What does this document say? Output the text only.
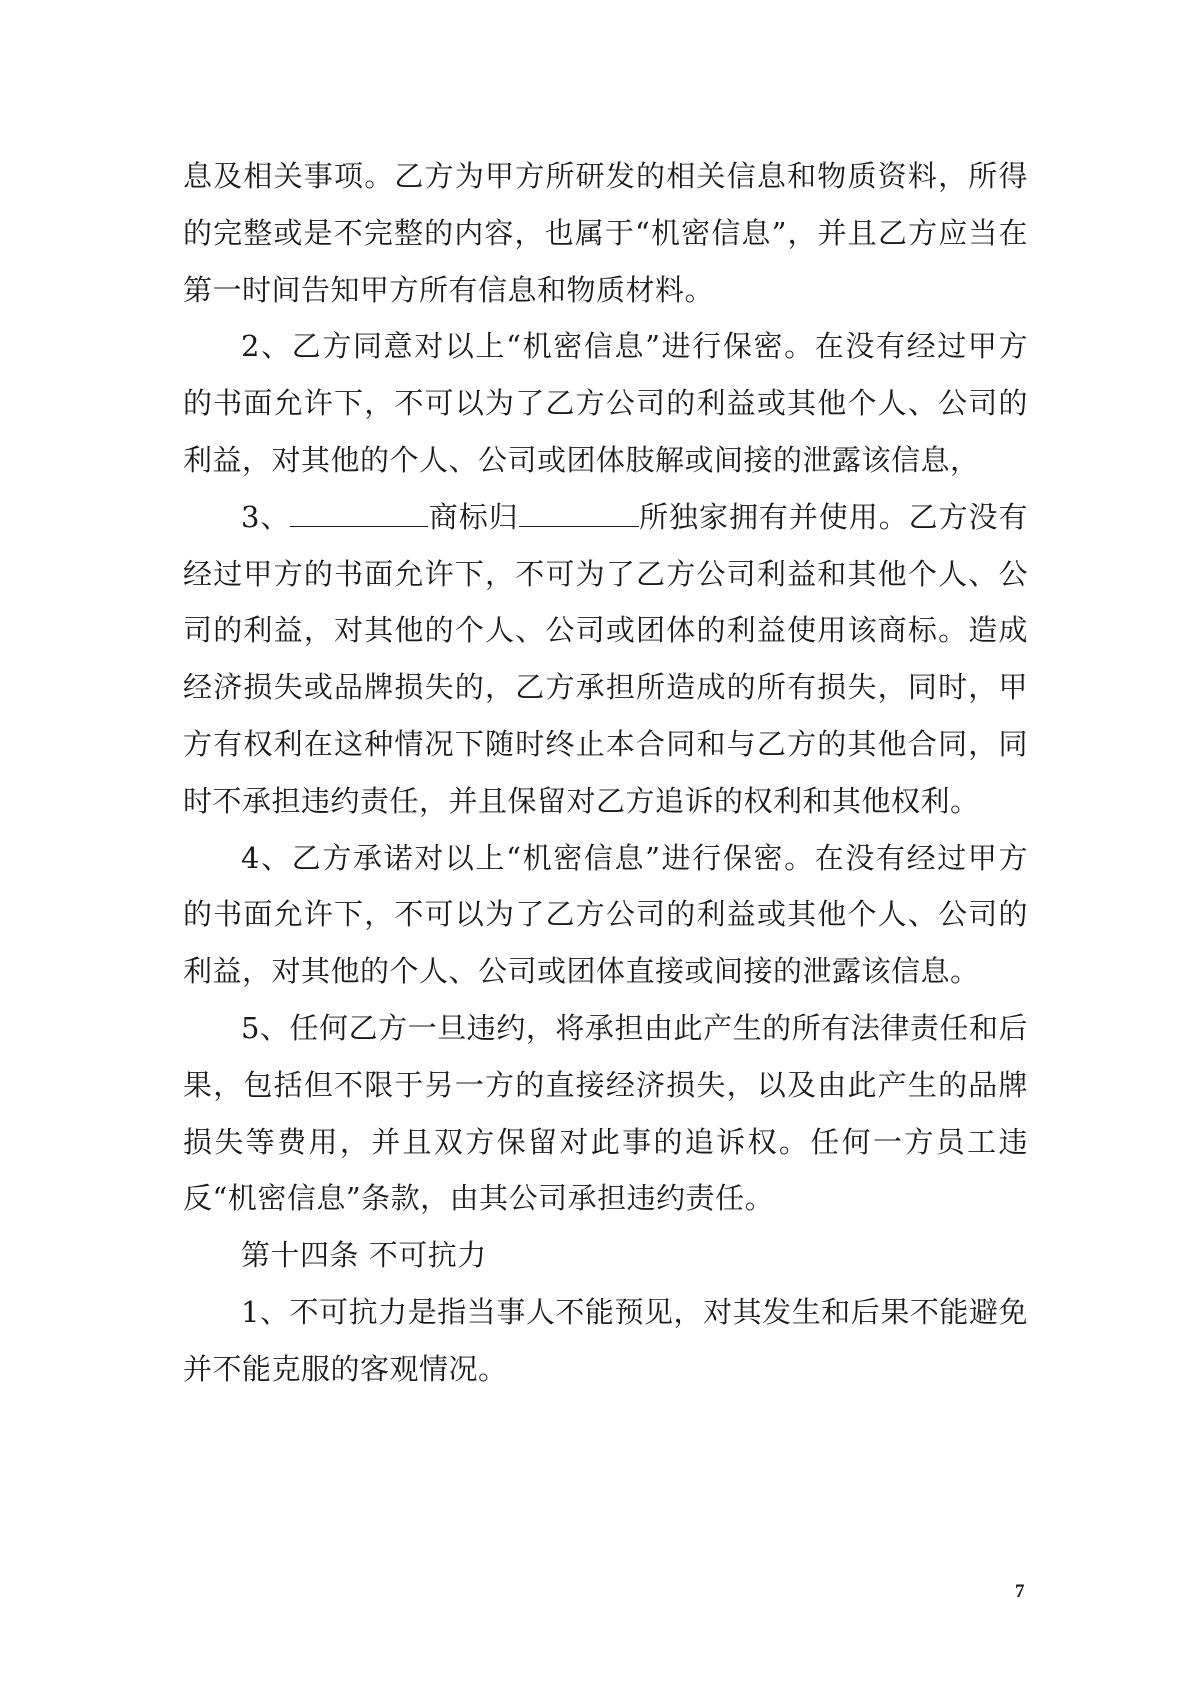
息及相关事项。乙方为甲方所研发的相关信息和物质资料，所得的完整或是不完整的内容，也属于“机密信息”，并且乙方应当在第一时间告知甲方所有信息和物质材料。

2、乙方同意对以上“机密信息”进行保密。在没有经过甲方的书面允许下，不可以为了乙方公司的利益或其他个人、公司的利益，对其他的个人、公司或团体肢解或间接的泄露该信息，

3、	商标归	所独家拥有并使用。乙方没有经过甲方的书面允许下，不可为了乙方公司利益和其他个人、公司的利益，对其他的个人、公司或团体的利益使用该商标。造成经济损失或品牌损失的，乙方承担所造成的所有损失，同时，甲方有权利在这种情况下随时终止本合同和与乙方的其他合同，同时不承担违约责任，并且保留对乙方追诉的权利和其他权利。

4、乙方承诺对以上“机密信息”进行保密。在没有经过甲方的书面允许下，不可以为了乙方公司的利益或其他个人、公司的利益，对其他的个人、公司或团体直接或间接的泄露该信息。

5、任何乙方一旦违约，将承担由此产生的所有法律责任和后果，包括但不限于另一方的直接经济损失，以及由此产生的品牌损失等费用，并且双方保留对此事的追诉权。任何一方员工违反“机密信息”条款，由其公司承担违约责任。

第十四条 不可抗力

1、不可抗力是指当事人不能预见，对其发生和后果不能避免并不能克服的客观情况。

7
